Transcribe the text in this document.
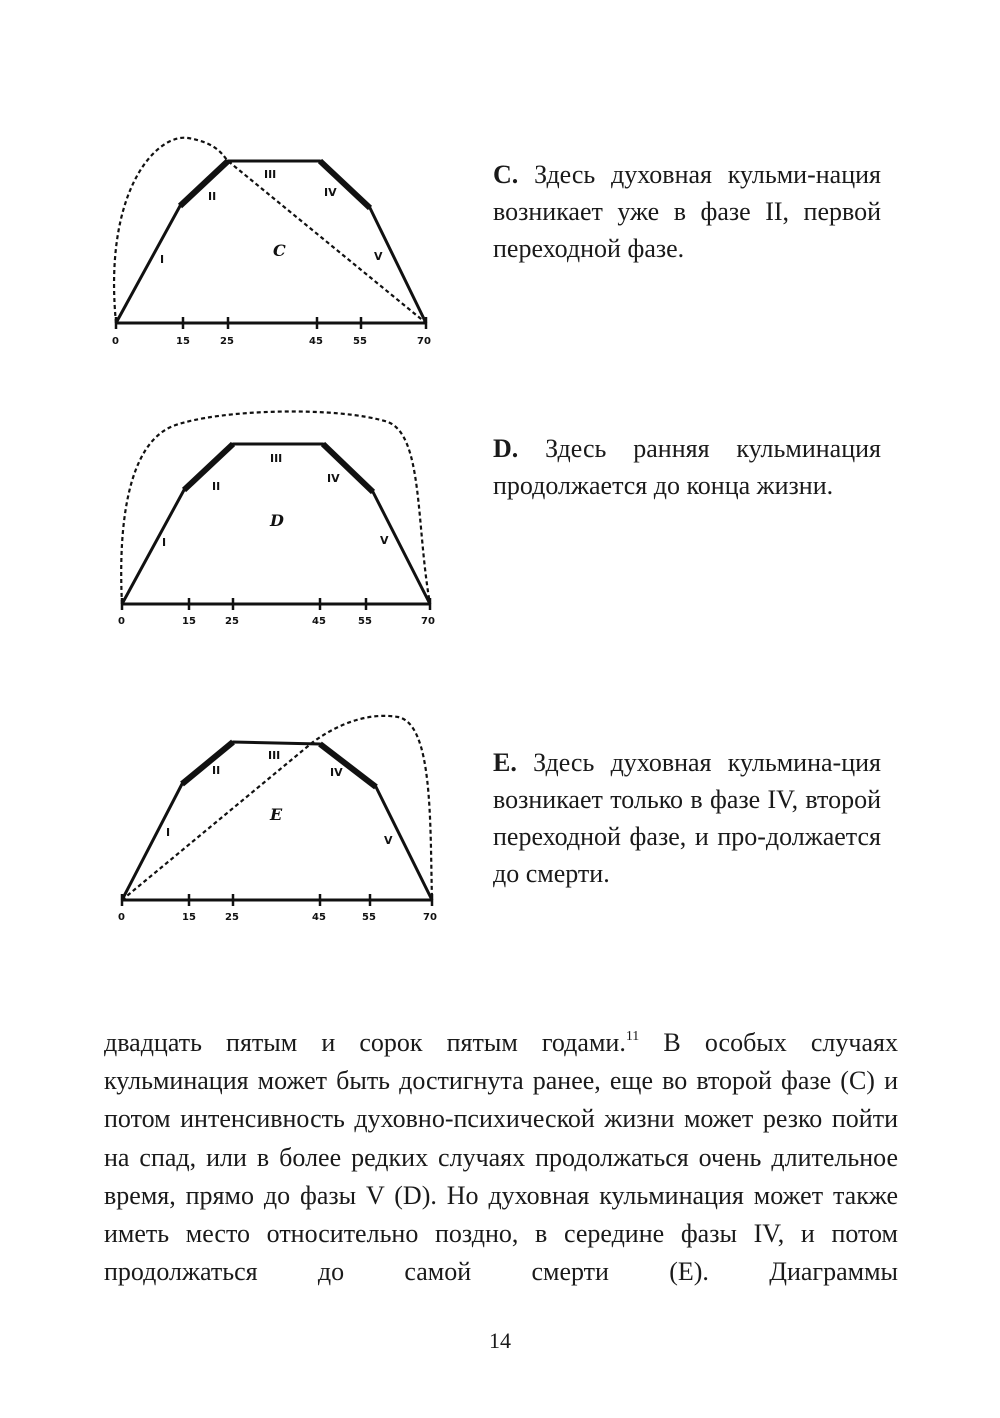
I
II
III
IV
V
C
0	15	25	45	55	70
C. Здесь духовная кульми-нация возникает уже в фазе II, первой переходной фазе.
I
II
III
IV
V
D
0	15	25	45	55	70
D. Здесь ранняя кульминация продолжается до конца жизни.
I
II
III
IV
V
E
0	15	25	45	55	70
E. Здесь духовная кульмина-ция возникает только в фазе IV, второй переходной фазе, и про-должается до смерти.
двадцать пятым и сорок пятым годами.$^{11}$ В особых случаях кульминация может быть достигнута ранее, еще во второй фазе (C) и потом интенсивность духовно-психической жизни может резко пойти на спад, или в более редких случаях продолжаться очень длительное время, прямо до фазы V (D). Но духовная кульминация может также иметь место относительно поздно, в середине фазы IV, и потом продолжаться до самой смерти (E). Диаграммы
14
